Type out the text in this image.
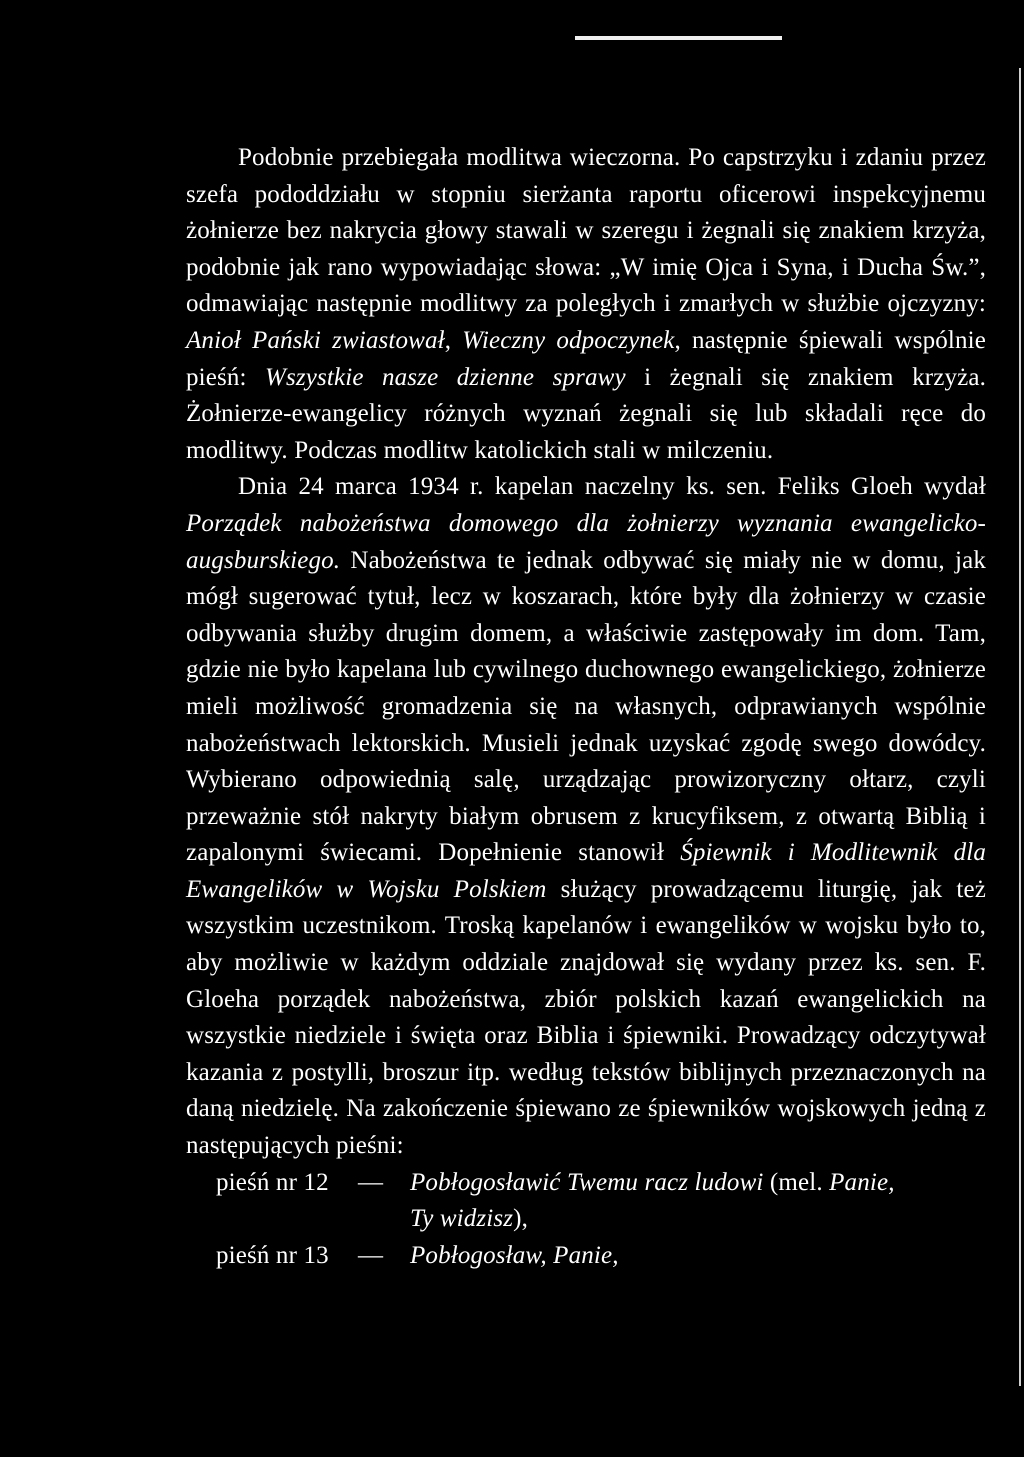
Podobnie przebiegała modlitwa wieczorna. Po capstrzyku i zdaniu przez szefa pododdziału w stopniu sierżanta raportu oficerowi inspekcyjnemu żołnierze bez nakrycia głowy stawali w szeregu i żegnali się znakiem krzyża, podobnie jak rano wypowiadając słowa: „W imię Ojca i Syna, i Ducha Św.”, odmawiając następnie modlitwy za poległych i zmarłych w służbie ojczyzny: Anioł Pański zwiastował, Wieczny odpoczynek, następnie śpiewali wspólnie pieśń: Wszystkie nasze dzienne sprawy i żegnali się znakiem krzyża. Żołnierze-ewangelicy różnych wyznań żegnali się lub składali ręce do modlitwy. Podczas modlitw katolickich stali w milczeniu.

Dnia 24 marca 1934 r. kapelan naczelny ks. sen. Feliks Gloeh wydał Porządek nabożeństwa domowego dla żołnierzy wyznania ewangelicko-augsburskiego. Nabożeństwa te jednak odbywać się miały nie w domu, jak mógł sugerować tytuł, lecz w koszarach, które były dla żołnierzy w czasie odbywania służby drugim domem, a właściwie zastępowały im dom. Tam, gdzie nie było kapelana lub cywilnego duchownego ewangelickiego, żołnierze mieli możliwość gromadzenia się na własnych, odprawianych wspólnie nabożeństwach lektorskich. Musieli jednak uzyskać zgodę swego dowódcy. Wybierano odpowiednią salę, urządzając prowizoryczny ołtarz, czyli przeważnie stół nakryty białym obrusem z krucyfiksem, z otwartą Biblią i zapalonymi świecami. Dopełnienie stanowił Śpiewnik i Modlitewnik dla Ewangelików w Wojsku Polskiem służący prowadzącemu liturgię, jak też wszystkim uczestnikom. Troską kapelanów i ewangelików w wojsku było to, aby możliwie w każdym oddziale znajdował się wydany przez ks. sen. F. Gloeha porządek nabożeństwa, zbiór polskich kazań ewangelickich na wszystkie niedziele i święta oraz Biblia i śpiewniki. Prowadzący odczytywał kazania z postylli, broszur itp. według tekstów biblijnych przeznaczonych na daną niedzielę. Na zakończenie śpiewano ze śpiewników wojskowych jedną z następujących pieśni:

pieśń nr 12	—	Pobłogosławić Twemu racz ludowi (mel. Panie,
Ty widzisz ),
pieśń nr 13	—	Pobłogosław, Panie,
